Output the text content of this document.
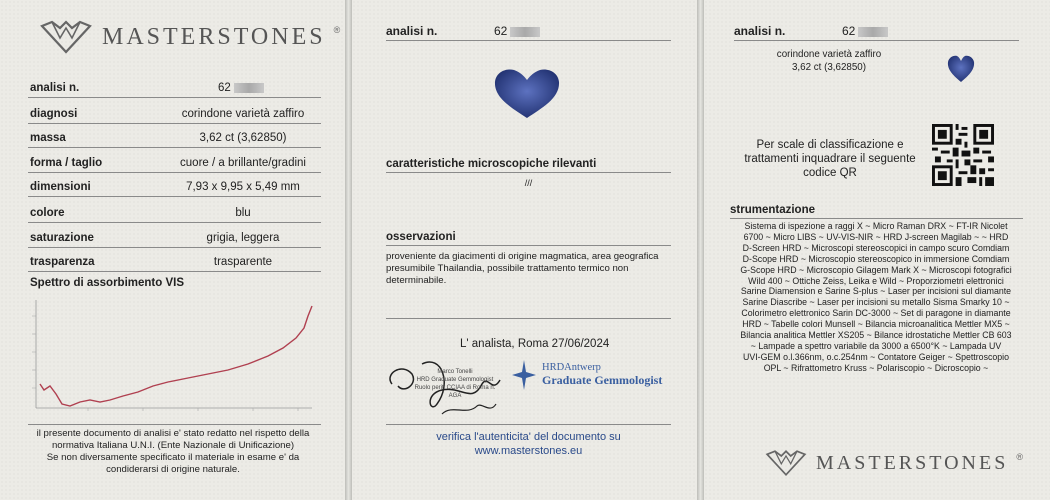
MASTERSTONES ®
analisi n.	62
diagnosi	corindone varietà zaffiro
massa	3,62 ct (3,62850)
forma / taglio	cuore / a brillante/gradini
dimensioni	7,93 x 9,95 x 5,49 mm
colore	blu
saturazione	grigia, leggera
trasparenza	trasparente
Spettro di assorbimento VIS
il presente documento di analisi e' stato redatto nel rispetto della
normativa Italiana U.N.I. (Ente Nazionale di Unificazione)
Se non diversamente specificato il materiale in esame e' da
condiderarsi di origine naturale.
analisi n.	62
caratteristiche microscopiche rilevanti
///
osservazioni
proveniente da giacimenti di origine magmatica, area geografica
presumibile Thailandia, possibile trattamento termico non
determinabile.
L' analista, Roma 27/06/2024
Marco Tonelli
HRD Graduate Gemmologist
Ruolo periti CCIAA di Roma n.
AGA
HRDAntwerp
Graduate Gemmologist
verifica l'autenticita' del documento su
www.masterstones.eu
analisi n.	62
corindone varietà zaffiro
3,62 ct (3,62850)
Per scale di classificazione e
trattamenti inquadrare il seguente
codice QR
strumentazione
Sistema di ispezione a raggi X ~ Micro Raman DRX ~ FT-IR Nicolet
6700 ~ Micro LIBS ~ UV-VIS-NIR ~ HRD J-screen Magilab ~ ~ HRD
D-Screen HRD ~ Microscopi stereoscopici in campo scuro Comdiam
D-Scope HRD ~ Microscopio stereoscopico in immersione Comdiam
G-Scope HRD ~ Microscopio Gilagem Mark X ~ Microscopi fotografici
Wild 400 ~ Ottiche Zeiss, Leika e Wild ~ Proporziometri elettronici
Sarine Diamension e Sarine S-plus ~ Laser per incisioni sul diamante
Sarine Diascribe ~ Laser per incisioni su metallo Sisma Smarky 10 ~
Colorimetro elettronico Sarin DC-3000 ~ Set di paragone in diamante
HRD ~ Tabelle colori Munsell ~ Bilancia microanalitica Mettler MX5 ~
Bilancia analitica Mettler XS205 ~ Bilance idrostatiche Mettler CB 603
~ Lampade a spettro variabile da 3000 a 6500°K ~ Lampada UV
UVI-GEM o.l.366nm, o.c.254nm ~ Contatore Geiger ~ Spettroscopio
OPL ~ Rifrattometro Kruss ~ Polariscopio ~ Dicroscopio ~
MASTERSTONES ®
